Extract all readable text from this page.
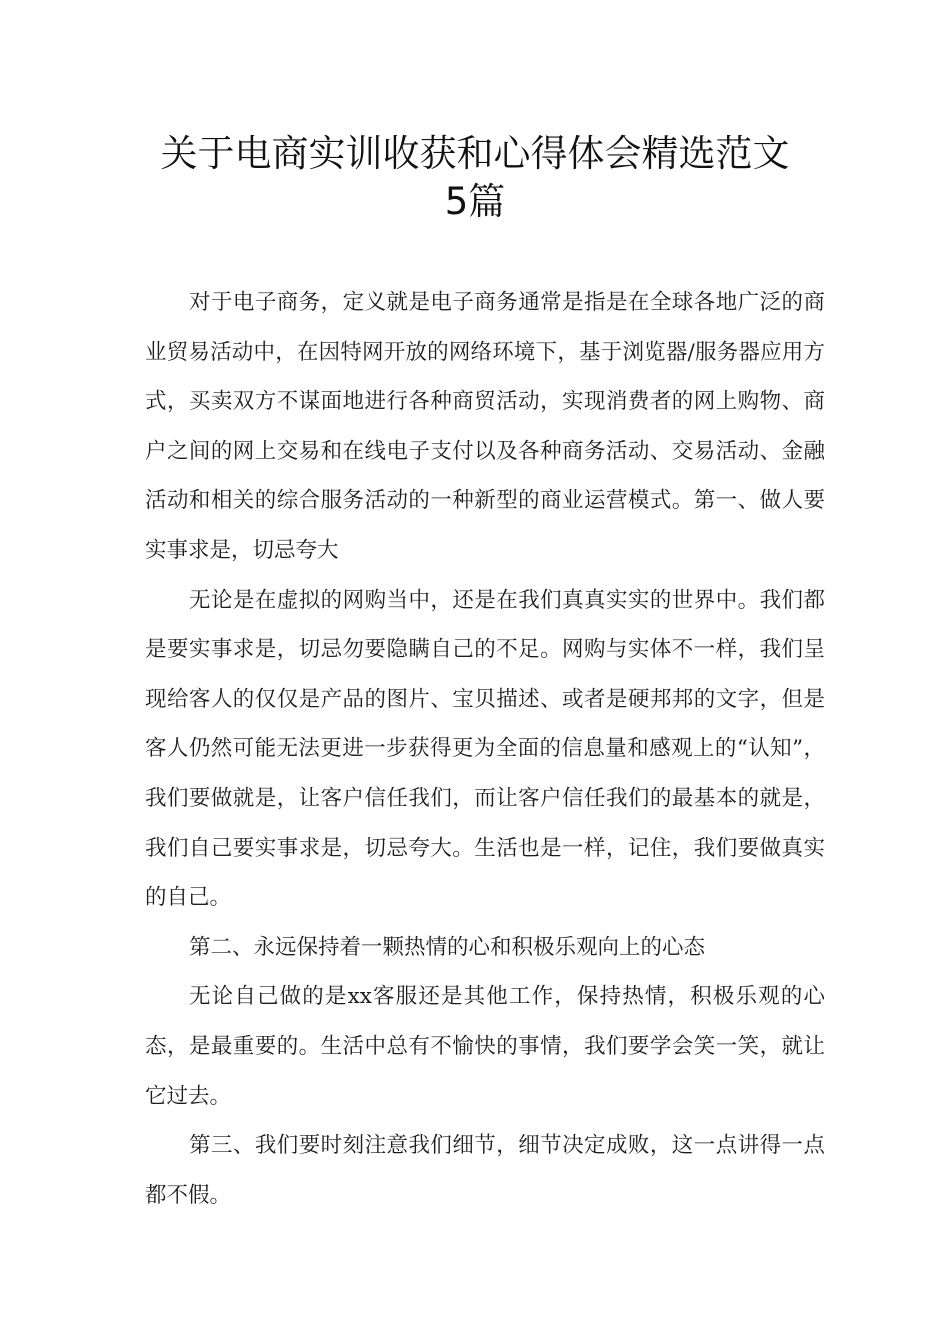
关于电商实训收获和心得体会精选范文
5篇

对于电子商务，定义就是电子商务通常是指是在全球各地广泛的商业贸易活动中，在因特网开放的网络环境下，基于浏览器/服务器应用方式，买卖双方不谋面地进行各种商贸活动，实现消费者的网上购物、商户之间的网上交易和在线电子支付以及各种商务活动、交易活动、金融活动和相关的综合服务活动的一种新型的商业运营模式。第一、做人要实事求是，切忌夸大

无论是在虚拟的网购当中，还是在我们真真实实的世界中。我们都是要实事求是，切忌勿要隐瞒自己的不足。网购与实体不一样，我们呈现给客人的仅仅是产品的图片、宝贝描述、或者是硬邦邦的文字，但是客人仍然可能无法更进一步获得更为全面的信息量和感观上的“认知”，我们要做就是，让客户信任我们，而让客户信任我们的最基本的就是，我们自己要实事求是，切忌夸大。生活也是一样，记住，我们要做真实的自己。

第二、永远保持着一颗热情的心和积极乐观向上的心态

无论自己做的是xx客服还是其他工作，保持热情，积极乐观的心态，是最重要的。生活中总有不愉快的事情，我们要学会笑一笑，就让它过去。

第三、我们要时刻注意我们细节，细节决定成败，这一点讲得一点都不假。
